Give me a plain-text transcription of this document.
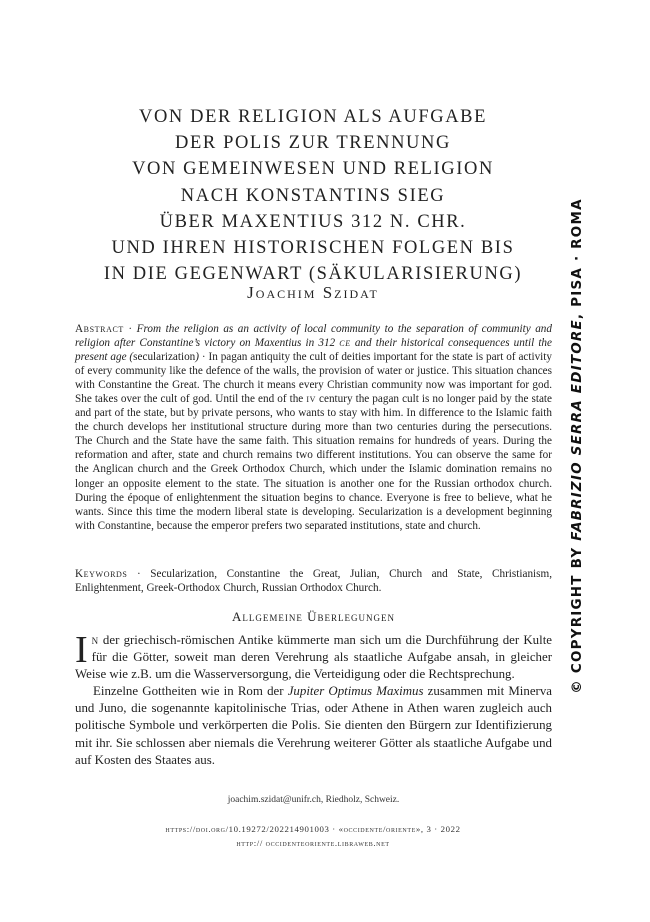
VON DER RELIGION ALS AUFGABE
DER POLIS ZUR TRENNUNG
VON GEMEINWESEN UND RELIGION
NACH KONSTANTINS SIEG
ÜBER MAXENTIUS 312 N. CHR.
UND IHREN HISTORISCHEN FOLGEN BIS
IN DIE GEGENWART (SÄKULARISIERUNG)
Joachim Szidat
Abstract · From the religion as an activity of local community to the separation of community and religion after Constantine’s victory on Maxentius in 312 ce and their historical consequences until the present age (secularization) · In pagan antiquity the cult of deities important for the state is part of activity of every community like the defence of the walls, the provision of water or justice. This situation chances with Constantine the Great. The church it means every Christian community now was important for god. She takes over the cult of god. Until the end of the iv century the pagan cult is no longer paid by the state and part of the state, but by private persons, who wants to stay with him. In difference to the Islamic faith the church develops her institutional structure during more than two centuries during the persecutions. The Church and the State have the same faith. This situation remains for hundreds of years. During the reformation and after, state and church remains two different institutions. You can observe the same for the Anglican church and the Greek Orthodox Church, which under the Islamic domination remains no longer an opposite element to the state. The situation is another one for the Russian orthodox church. During the époque of enlightenment the situation begins to chance. Everyone is free to believe, what he wants. Since this time the modern liberal state is developing. Secularization is a development beginning with Constantine, because the emperor prefers two separated institutions, state and church.
Keywords · Secularization, Constantine the Great, Julian, Church and State, Christianism, Enlightenment, Greek-Orthodox Church, Russian Orthodox Church.
Allgemeine Überlegungen

In der griechisch-römischen Antike kümmerte man sich um die Durchführung der Kulte für die Götter, soweit man deren Verehrung als staatliche Aufgabe ansah, in gleicher Weise wie z.B. um die Wasserversorgung, die Verteidigung oder die Rechtsprechung.

Einzelne Gottheiten wie in Rom der Jupiter Optimus Maximus zusammen mit Minerva und Juno, die sogenannte kapitolinische Trias, oder Athene in Athen waren zugleich auch politische Symbole und verkörperten die Polis. Sie dienten den Bürgern zur Identifizierung mit ihr. Sie schlossen aber niemals die Verehrung weiterer Götter als staatliche Aufgabe und auf Kosten des Staates aus.

joachim.szidat@unifr.ch, Riedholz, Schweiz.
https://doi.org/10.19272/202214901003 · «occidente/oriente», 3 · 2022
http:// occidenteoriente.libraweb.net
© COPYRIGHT BY FABRIZIO SERRA EDITORE, PISA · ROMA
